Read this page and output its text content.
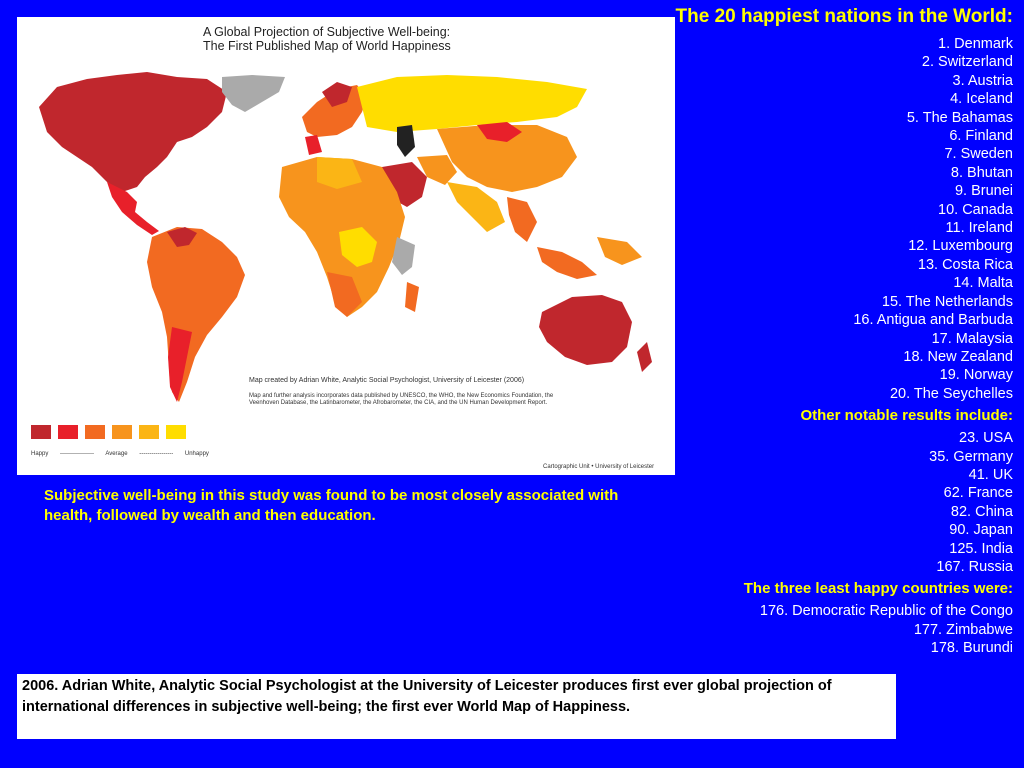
A Global Projection of Subjective Well-being:
The First Published Map of World Happiness
Map created by Adrian White, Analytic Social Psychologist, University of Leicester (2006)
Map and further analysis incorporates data published by UNESCO, the WHO, the New Economics Foundation, the Veenhoven Database, the Latinbarometer, the Afrobarometer, the CIA, and the UN Human Development Report.
Happy ----------------- Average ----------------- Unhappy
Cartographic Unit • University of Leicester

The 20 happiest nations in the World:

1. Denmark
2. Switzerland
3. Austria
4. Iceland
5. The Bahamas
6. Finland
7. Sweden
8. Bhutan
9. Brunei
10. Canada
11. Ireland
12. Luxembourg
13. Costa Rica
14. Malta
15. The Netherlands
16. Antigua and Barbuda
17. Malaysia
18. New Zealand
19. Norway
20. The Seychelles

Other notable results include:

23. USA
35. Germany
41. UK
62. France
82. China
90. Japan
125. India
167. Russia

The three least happy countries were:

176. Democratic Republic of the Congo
177. Zimbabwe
178. Burundi
Subjective well-being in this study was found to be most closely associated with health, followed by wealth and then education.
2006. Adrian White, Analytic Social Psychologist at the University of Leicester produces first ever global projection of international differences in subjective well-being; the first ever World Map of Happiness.
